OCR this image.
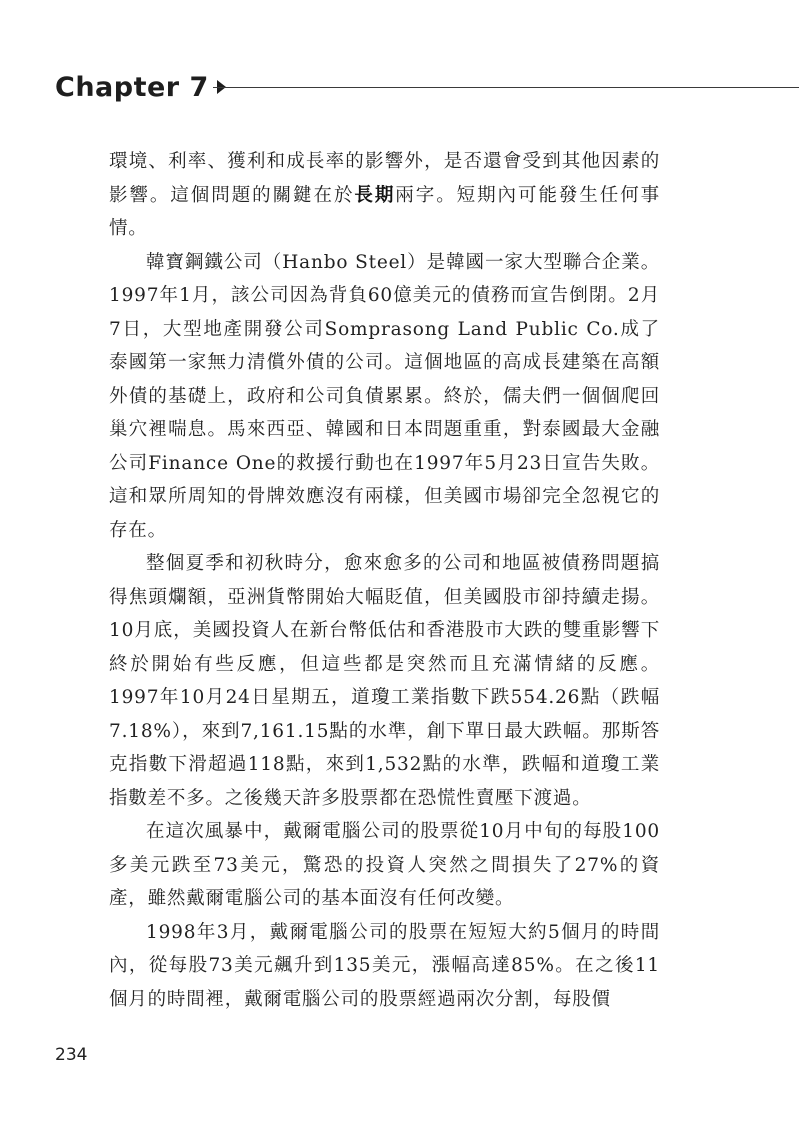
Chapter 7

環境、利率、獲利和成長率的影響外，是否還會受到其他因素的影響。這個問題的關鍵在於長期兩字。短期內可能發生任何事情。

韓寶鋼鐵公司（Hanbo Steel）是韓國一家大型聯合企業。1997年1月，該公司因為背負60億美元的債務而宣告倒閉。2月7日，大型地產開發公司Somprasong Land Public Co.成了泰國第一家無力清償外債的公司。這個地區的高成長建築在高額外債的基礎上，政府和公司負債累累。終於，儒夫們一個個爬回巢穴裡喘息。馬來西亞、韓國和日本問題重重，對泰國最大金融公司Finance One的救援行動也在1997年5月23日宣告失敗。這和眾所周知的骨牌效應沒有兩樣，但美國市場卻完全忽視它的存在。

整個夏季和初秋時分，愈來愈多的公司和地區被債務問題搞得焦頭爛額，亞洲貨幣開始大幅貶值，但美國股市卻持續走揚。10月底，美國投資人在新台幣低估和香港股市大跌的雙重影響下終於開始有些反應，但這些都是突然而且充滿情緒的反應。1997年10月24日星期五，道瓊工業指數下跌554.26點（跌幅7.18%），來到7,161.15點的水準，創下單日最大跌幅。那斯答克指數下滑超過118點，來到1,532點的水準，跌幅和道瓊工業指數差不多。之後幾天許多股票都在恐慌性賣壓下渡過。

在這次風暴中，戴爾電腦公司的股票從10月中旬的每股100多美元跌至73美元，驚恐的投資人突然之間損失了27%的資產，雖然戴爾電腦公司的基本面沒有任何改變。

1998年3月，戴爾電腦公司的股票在短短大約5個月的時間內，從每股73美元飆升到135美元，漲幅高達85%。在之後11個月的時間裡，戴爾電腦公司的股票經過兩次分割，每股價

234
